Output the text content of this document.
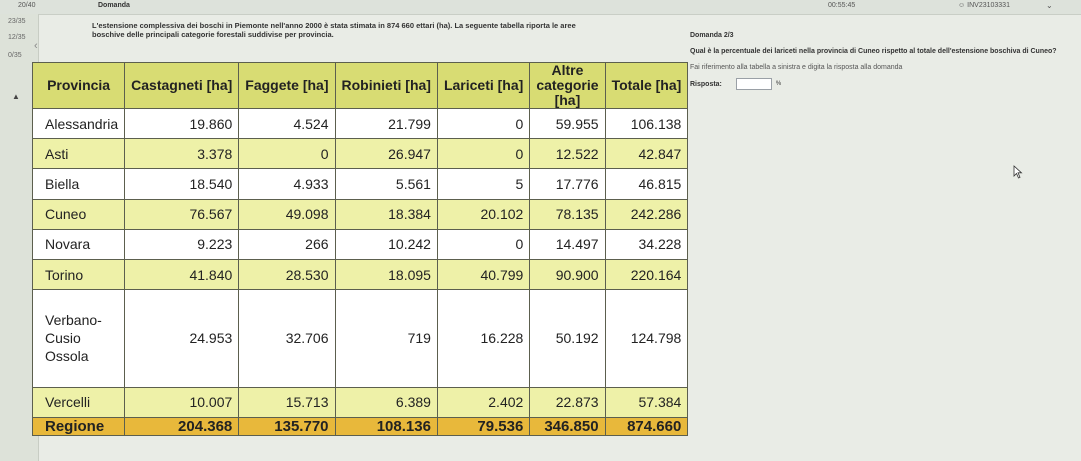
20/40	Domanda	00:55:45	☺ INV23103331	⌄
23/35
12/35
0/35
‹
▲
L'estensione complessiva dei boschi in Piemonte nell'anno 2000 è stata stimata in 874 660 ettari (ha). La seguente tabella riporta le aree
boschive delle principali categorie forestali suddivise per provincia.
Provincia	Castagneti [ha]	Faggete [ha]	Robinieti [ha]	Lariceti [ha]	Altre categorie [ha]	Totale [ha]
Alessandria	19.860	4.524	21.799	0	59.955	106.138
Asti	3.378	0	26.947	0	12.522	42.847
Biella	18.540	4.933	5.561	5	17.776	46.815
Cuneo	76.567	49.098	18.384	20.102	78.135	242.286
Novara	9.223	266	10.242	0	14.497	34.228
Torino	41.840	28.530	18.095	40.799	90.900	220.164
Verbano-Cusio Ossola	24.953	32.706	719	16.228	50.192	124.798
Vercelli	10.007	15.713	6.389	2.402	22.873	57.384
Regione	204.368	135.770	108.136	79.536	346.850	874.660
Domanda 2/3
Qual è la percentuale dei lariceti nella provincia di Cuneo rispetto al totale dell'estensione boschiva di Cuneo?
Fai riferimento alla tabella a sinistra e digita la risposta alla domanda
Risposta:	%
